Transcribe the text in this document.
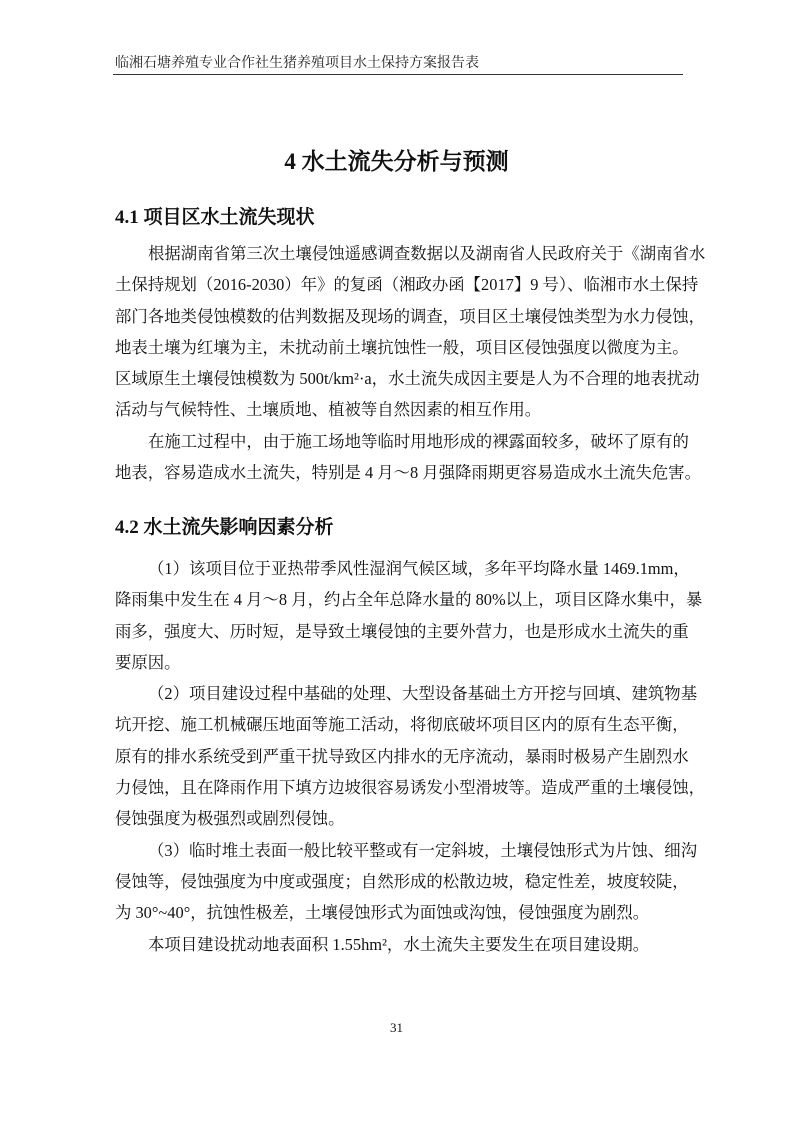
临湘石塘养殖专业合作社生猪养殖项目水土保持方案报告表
4 水土流失分析与预测
4.1 项目区水土流失现状
根据湖南省第三次土壤侵蚀遥感调查数据以及湖南省人民政府关于《湖南省水
土保持规划（2016-2030）年》的复函（湘政办函【2017】9 号）、临湘市水土保持
部门各地类侵蚀模数的估判数据及现场的调查，项目区土壤侵蚀类型为水力侵蚀，
地表土壤为红壤为主，未扰动前土壤抗蚀性一般，项目区侵蚀强度以微度为主。
区域原生土壤侵蚀模数为 500t/km²·a，水土流失成因主要是人为不合理的地表扰动
活动与气候特性、土壤质地、植被等自然因素的相互作用。
在施工过程中，由于施工场地等临时用地形成的裸露面较多，破坏了原有的
地表，容易造成水土流失，特别是 4 月～8 月强降雨期更容易造成水土流失危害。
4.2 水土流失影响因素分析
（1）该项目位于亚热带季风性湿润气候区域，多年平均降水量 1469.1mm，
降雨集中发生在 4 月～8 月，约占全年总降水量的 80%以上，项目区降水集中，暴
雨多，强度大、历时短，是导致土壤侵蚀的主要外营力，也是形成水土流失的重
要原因。
（2）项目建设过程中基础的处理、大型设备基础土方开挖与回填、建筑物基
坑开挖、施工机械碾压地面等施工活动，将彻底破坏项目区内的原有生态平衡，
原有的排水系统受到严重干扰导致区内排水的无序流动，暴雨时极易产生剧烈水
力侵蚀，且在降雨作用下填方边坡很容易诱发小型滑坡等。造成严重的土壤侵蚀，
侵蚀强度为极强烈或剧烈侵蚀。
（3）临时堆土表面一般比较平整或有一定斜坡，土壤侵蚀形式为片蚀、细沟
侵蚀等，侵蚀强度为中度或强度；自然形成的松散边坡，稳定性差，坡度较陡，
为 30°~40°，抗蚀性极差，土壤侵蚀形式为面蚀或沟蚀，侵蚀强度为剧烈。
本项目建设扰动地表面积 1.55hm²，水土流失主要发生在项目建设期。
31
